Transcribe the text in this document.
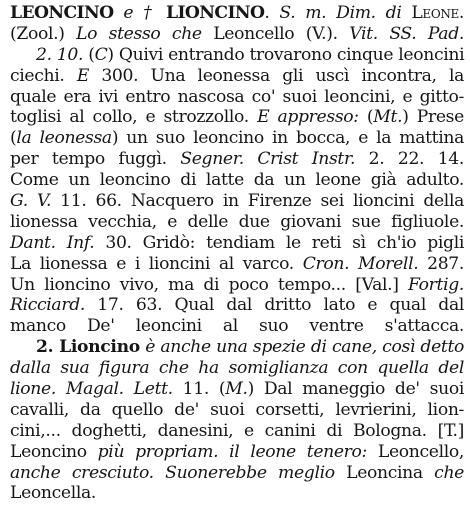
LEONCINO e † LIONCINO. S. m. Dim. di Leone.
(Zool.) Lo stesso che Leoncello (V.). Vit. SS. Pad.
2. 10. (C) Quivi entrando trovarono cinque leoncini
ciechi. E 300. Una leonessa gli uscì incontra, la
quale era ivi entro nascosa co' suoi leoncini, e gitto-
toglisi al collo, e strozzollo. E appresso: (Mt.) Prese
(la leonessa) un suo leoncino in bocca, e la mattina
per tempo fuggì. Segner. Crist Instr. 2. 22. 14.
Come un leoncino di latte da un leone già adulto.
G. V. 11. 66. Nacquero in Firenze sei lioncini della
lionessa vecchia, e delle due giovani sue figliuole.
Dant. Inf. 30. Gridò: tendiam le reti sì ch'io pigli
La lionessa e i lioncini al varco. Cron. Morell. 287.
Un lioncino vivo, ma di poco tempo... [Val.] Fortig.
Ricciard. 17. 63. Qual dal dritto lato e qual dal
manco De' leoncini al suo ventre s'attacca.
2. Lioncino è anche una spezie di cane, così detto
dalla sua figura che ha somiglianza con quella del
lione. Magal. Lett. 11. (M.) Dal maneggio de' suoi
cavalli, da quello de' suoi corsetti, levrierini, lion-
cini,... doghetti, danesini, e canini di Bologna. [T.]
Leoncino più propriam. il leone tenero: Leoncello,
anche cresciuto. Suonerebbe meglio Leoncina che
Leoncella.
